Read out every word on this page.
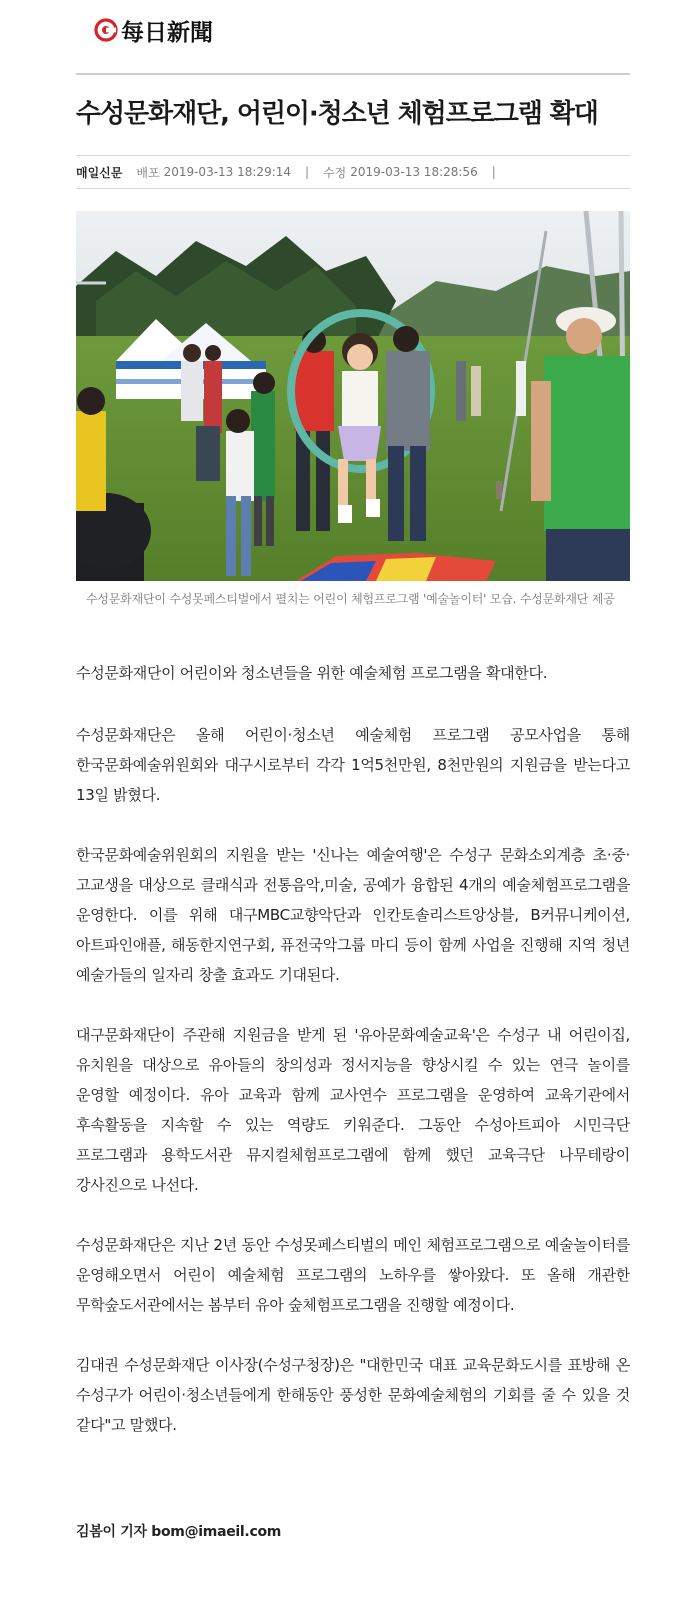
每日新聞
수성문화재단, 어린이·청소년 체험프로그램 확대
매일신문 배포 2019-03-13 18:29:14 | 수정 2019-03-13 18:28:56 |

수성문화재단이 수성못페스티벌에서 펼치는 어린이 체험프로그램 '예술놀이터' 모습. 수성문화재단 제공

수성문화재단이 어린이와 청소년들을 위한 예술체험 프로그램을 확대한다.

수성문화재단은 올해 어린이·청소년 예술체험 프로그램 공모사업을 통해 한국문화예술위원회와 대구시로부터 각각 1억5천만원, 8천만원의 지원금을 받는다고 13일 밝혔다.

한국문화예술위원회의 지원을 받는 '신나는 예술여행'은 수성구 문화소외계층 초·중·고교생을 대상으로 클래식과 전통음악,미술, 공예가 융합된 4개의 예술체험프로그램을 운영한다. 이를 위해 대구MBC교향악단과 인칸토솔리스트앙상블, B커뮤니케이션, 아트파인애플, 해동한지연구회, 퓨전국악그룹 마디 등이 함께 사업을 진행해 지역 청년 예술가들의 일자리 창출 효과도 기대된다.

대구문화재단이 주관해 지원금을 받게 된 '유아문화예술교육'은 수성구 내 어린이집, 유치원을 대상으로 유아들의 창의성과 정서지능을 향상시킬 수 있는 연극 놀이를 운영할 예정이다. 유아 교육과 함께 교사연수 프로그램을 운영하여 교육기관에서 후속활동을 지속할 수 있는 역량도 키워준다. 그동안 수성아트피아 시민극단 프로그램과 용학도서관 뮤지컬체험프로그램에 함께 했던 교육극단 나무테랑이 강사진으로 나선다.

수성문화재단은 지난 2년 동안 수성못페스티벌의 메인 체험프로그램으로 예술놀이터를 운영해오면서 어린이 예술체험 프로그램의 노하우를 쌓아왔다. 또 올해 개관한 무학숲도서관에서는 봄부터 유아 숲체험프로그램을 진행할 예정이다.

김대권 수성문화재단 이사장(수성구청장)은 "대한민국 대표 교육문화도시를 표방해 온 수성구가 어린이·청소년들에게 한해동안 풍성한 문화예술체험의 기회를 줄 수 있을 것 같다"고 말했다.

김봄이 기자 bom@imaeil.com
